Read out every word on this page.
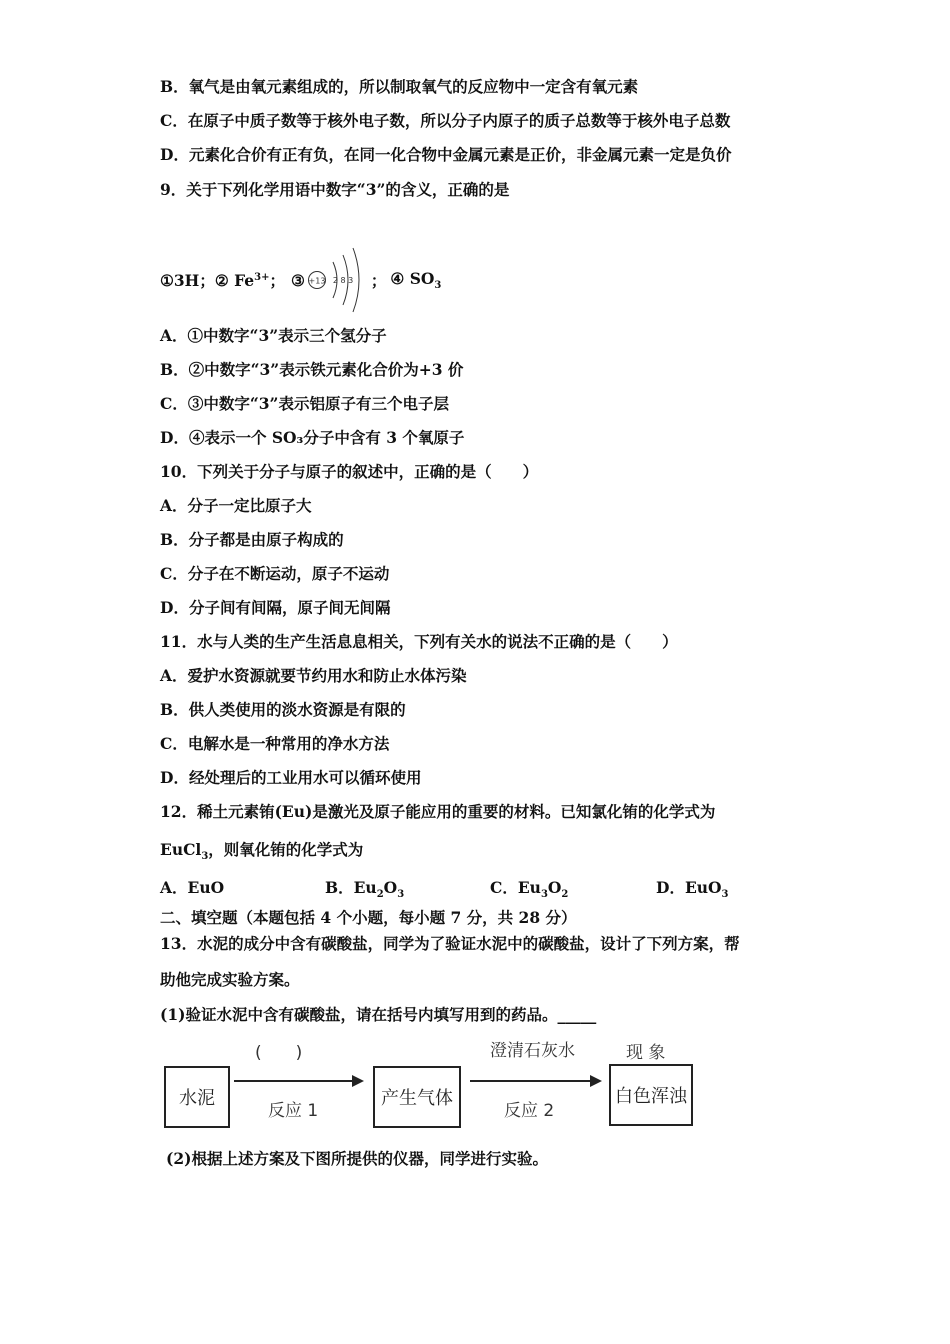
B．氧气是由氧元素组成的，所以制取氧气的反应物中一定含有氧元素
C．在原子中质子数等于核外电子数，所以分子内原子的质子总数等于核外电子总数
D．元素化合价有正有负，在同一化合物中金属元素是正价，非金属元素一定是负价
9．关于下列化学用语中数字“3”的含义，正确的是
①3H； ② $Fe^{3+}$； ③ +13 2 8 3 ； ④ $SO_3$
A．①中数字“3”表示三个氢分子
B．②中数字“3”表示铁元素化合价为+3 价
C．③中数字“3”表示铝原子有三个电子层
D．④表示一个 SO₃分子中含有 3 个氧原子
10．下列关于分子与原子的叙述中，正确的是（　　）
A．分子一定比原子大
B．分子都是由原子构成的
C．分子在不断运动，原子不运动
D．分子间有间隔，原子间无间隔
11．水与人类的生产生活息息相关，下列有关水的说法不正确的是（　　）
A．爱护水资源就要节约用水和防止水体污染
B．供人类使用的淡水资源是有限的
C．电解水是一种常用的净水方法
D．经处理后的工业用水可以循环使用
12．稀土元素铕(Eu)是激光及原子能应用的重要的材料。已知氯化铕的化学式为
EuCl$_3$，则氧化铕的化学式为
A．EuO	B．$Eu_2O_3$	C．$Eu_3O_2$	D．EuO$_3$
二、填空题（本题包括 4 个小题，每小题 7 分，共 28 分）
13．水泥的成分中含有碳酸盐，同学为了验证水泥中的碳酸盐，设计了下列方案，帮
助他完成实验方案。
(1)验证水泥中含有碳酸盐，请在括号内填写用到的药品。_____
水泥
(　　)
反应 1
产生气体
澄清石灰水
反应 2
现 象
白色浑浊
(2)根据上述方案及下图所提供的仪器，同学进行实验。
